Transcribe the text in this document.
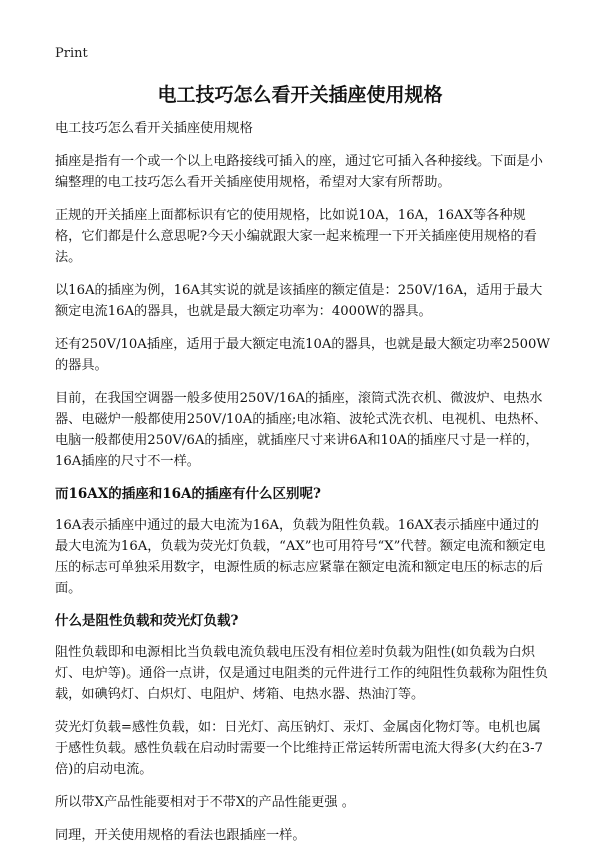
Print
电工技巧怎么看开关插座使用规格

电工技巧怎么看开关插座使用规格

插座是指有一个或一个以上电路接线可插入的座，通过它可插入各种接线。下面是小编整理的电工技巧怎么看开关插座使用规格，希望对大家有所帮助。

正规的开关插座上面都标识有它的使用规格，比如说10A，16A，16AX等各种规格，它们都是什么意思呢?今天小编就跟大家一起来梳理一下开关插座使用规格的看法。

以16A的插座为例，16A其实说的就是该插座的额定值是：250V/16A，适用于最大额定电流16A的器具，也就是最大额定功率为：4000W的器具。

还有250V/10A插座，适用于最大额定电流10A的器具，也就是最大额定功率2500W的器具。

目前，在我国空调器一般多使用250V/16A的插座，滚筒式洗衣机、微波炉、电热水器、电磁炉一般都使用250V/10A的插座;电冰箱、波轮式洗衣机、电视机、电热杯、电脑一般都使用250V/6A的插座，就插座尺寸来讲6A和10A的插座尺寸是一样的，16A插座的尺寸不一样。

而16AX的插座和16A的插座有什么区别呢?

16A表示插座中通过的最大电流为16A，负载为阻性负载。16AX表示插座中通过的最大电流为16A，负载为荧光灯负载，“AX”也可用符号“X”代替。额定电流和额定电压的标志可单独采用数字，电源性质的标志应紧靠在额定电流和额定电压的标志的后面。

什么是阻性负载和荧光灯负载?

阻性负载即和电源相比当负载电流负载电压没有相位差时负载为阻性(如负载为白炽灯、电炉等)。通俗一点讲，仅是通过电阻类的元件进行工作的纯阻性负载称为阻性负载，如碘钨灯、白炽灯、电阻炉、烤箱、电热水器、热油汀等。

荧光灯负载=感性负载，如：日光灯、高压钠灯、汞灯、金属卤化物灯等。电机也属于感性负载。感性负载在启动时需要一个比维持正常运转所需电流大得多(大约在3-7倍)的启动电流。

所以带X产品性能要相对于不带X的产品性能更强 。

同理，开关使用规格的看法也跟插座一样。
